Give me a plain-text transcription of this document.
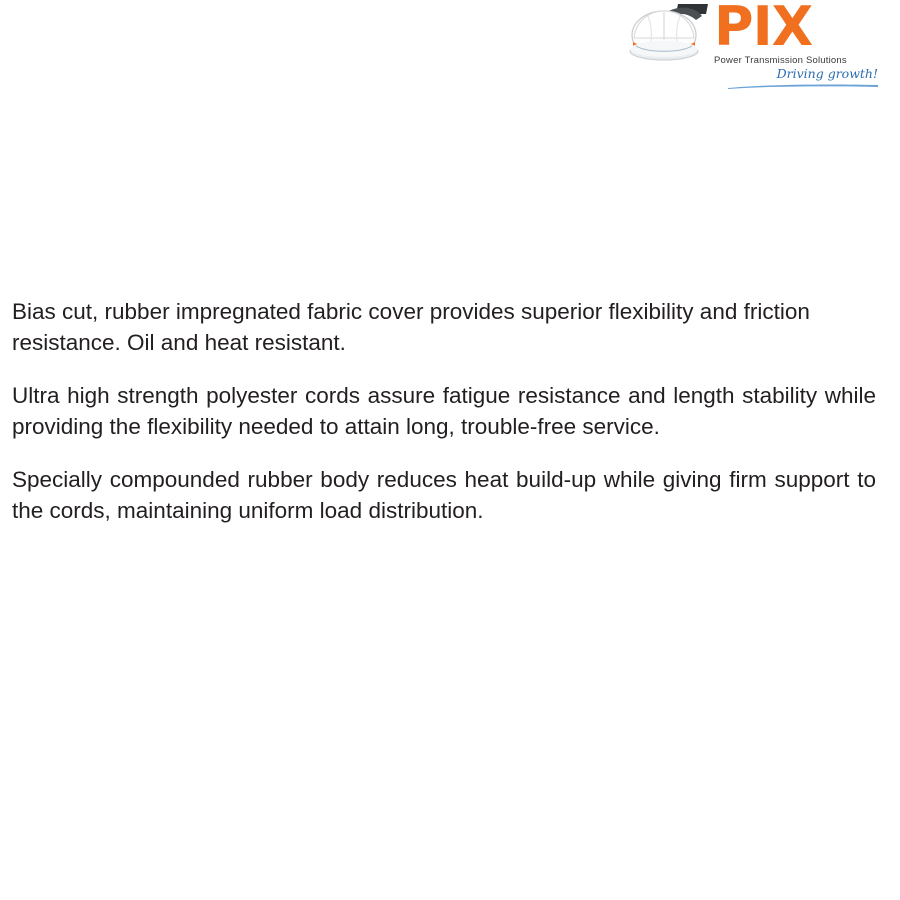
PIX
Power Transmission Solutions
Driving growth!

Bias cut, rubber impregnated fabric cover provides superior flexibility and friction resistance. Oil and heat resistant.

Ultra high strength polyester cords assure fatigue resistance and length stability while providing the flexibility needed to attain long, trouble-free service.

Specially compounded rubber body reduces heat build-up while giving firm support to the cords, maintaining uniform load distribution.
